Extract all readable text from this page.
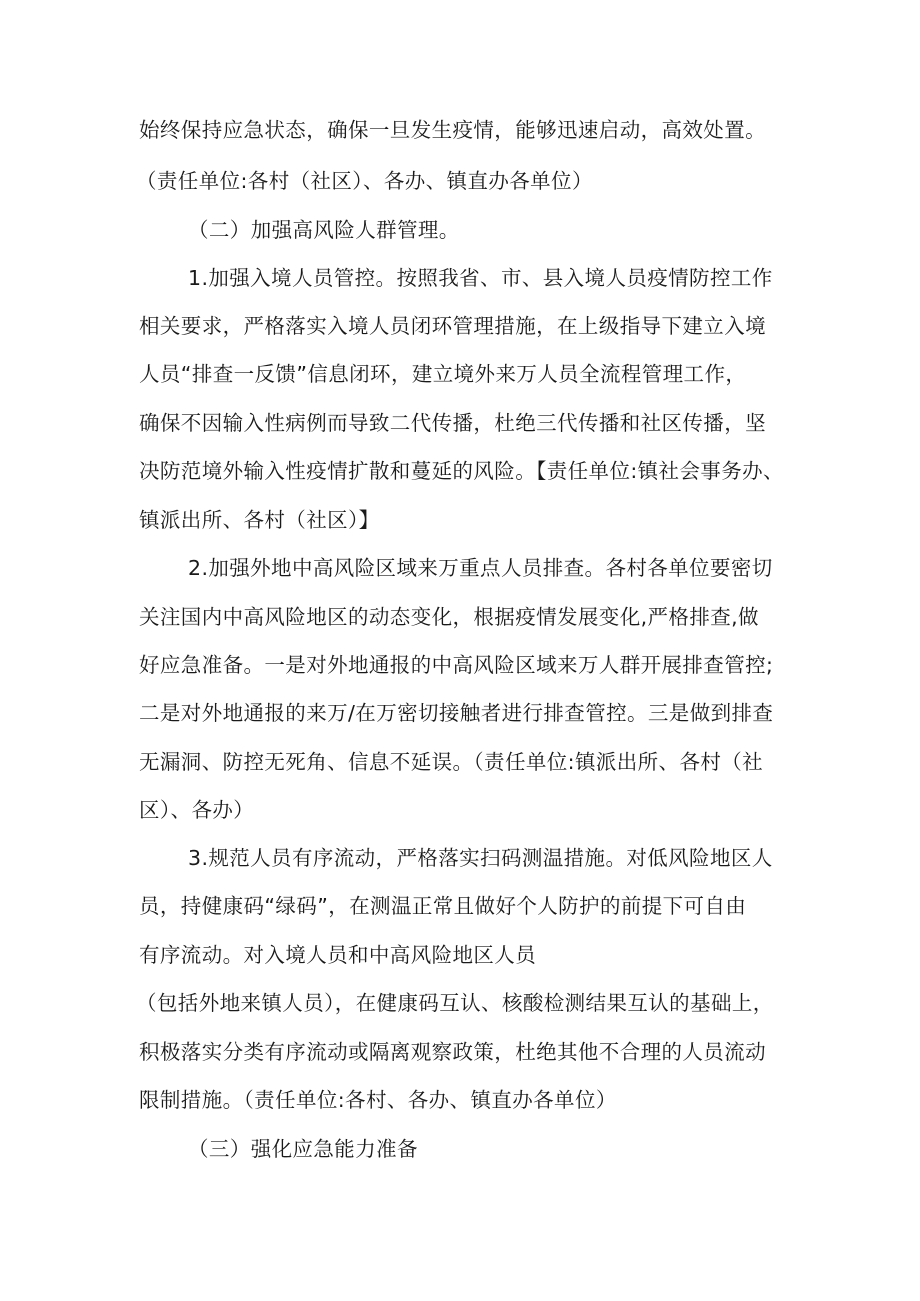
始终保持应急状态，确保一旦发生疫情，能够迅速启动，高效处置。
（责任单位:各村（社区）、各办、镇直办各单位）
（二）加强高风险人群管理。
1.加强入境人员管控。按照我省、市、县入境人员疫情防控工作
相关要求，严格落实入境人员闭环管理措施，在上级指导下建立入境
人员“排查一反馈”信息闭环，建立境外来万人员全流程管理工作，
确保不因输入性病例而导致二代传播，杜绝三代传播和社区传播，坚
决防范境外输入性疫情扩散和蔓延的风险。【责任单位:镇社会事务办、
镇派出所、各村（社区）】
2.加强外地中高风险区域来万重点人员排查。各村各单位要密切
关注国内中高风险地区的动态变化，根据疫情发展变化,严格排查,做
好应急准备。一是对外地通报的中高风险区域来万人群开展排查管控;
二是对外地通报的来万/在万密切接触者进行排查管控。三是做到排查
无漏洞、防控无死角、信息不延误。（责任单位:镇派出所、各村（社
区）、各办）
3.规范人员有序流动，严格落实扫码测温措施。对低风险地区人
员，持健康码“绿码”，在测温正常且做好个人防护的前提下可自由
有序流动。对入境人员和中高风险地区人员
（包括外地来镇人员），在健康码互认、核酸检测结果互认的基础上，
积极落实分类有序流动或隔离观察政策，杜绝其他不合理的人员流动
限制措施。（责任单位:各村、各办、镇直办各单位）
（三）强化应急能力准备
